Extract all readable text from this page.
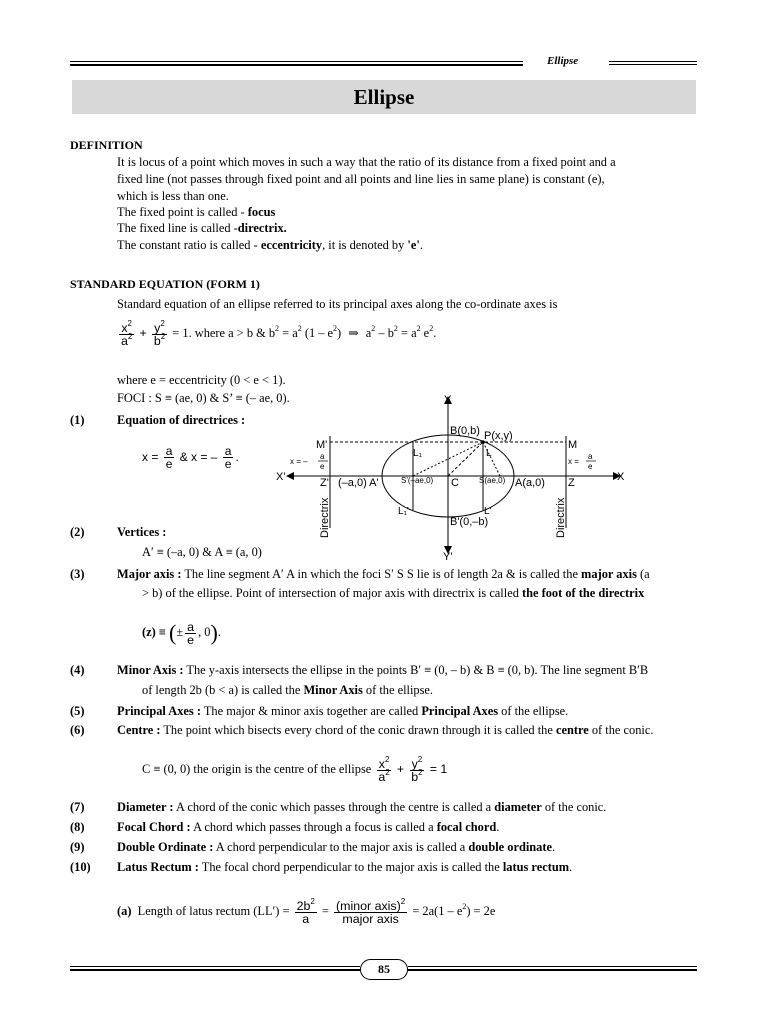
Ellipse
Ellipse
DEFINITION
It is locus of a point which moves in such a way that the ratio of its distance from a fixed point and a
fixed line (not passes through fixed point and all points and line lies in same plane) is constant (e),
which is less than one.
The fixed point is called - focus
The fixed line is called -directrix.
The constant ratio is called - eccentricity, it is denoted by 'e'.
STANDARD EQUATION (FORM 1)
Standard equation of an ellipse referred to its principal axes along the co-ordinate axes is
$\frac{x^2}{a^2} + \frac{y^2}{b^2} = 1$. where a > b & $b^2 = a^2$ $(1 - e^2)$ ⇒ $a^2 - b^2 = a^2$ $e^2$.
where e = eccentricity (0 < e < 1).
FOCI : S ≡ (ae, 0) & S’ ≡ (– ae, 0).
(1)	Equation of directrices :
$x = \frac{a}{e}$ & x = – $\frac{a}{e}$ .
Y
Y'
X'	X
B(0,b) P(x,y)
B'(0,–b)
M'	M
Z'	Z
(–a,0) A'	A(a,0)
C
S'(–ae,0)	S(ae,0)
L₁	L
L₁'	L'
x = –
a
e
x =
a
e
Directrix	Directrix
(2)	Vertices :
A′ ≡ (–a, 0) & A ≡ (a, 0)
(3)	Major axis : The line segment A′ A in which the foci S′ S S lie is of length 2a & is called the major axis (a
> b) of the ellipse. Point of intersection of major axis with directrix is called the foot of the directrix
(z) ≡ (± $\frac{a}{e}$ , 0).
(4)	Minor Axis : The y-axis intersects the ellipse in the points B′ ≡ (0, – b) & B ≡ (0, b). The line segment B′B
of length 2b (b < a) is called the Minor Axis of the ellipse.
(5)	Principal Axes : The major & minor axis together are called Principal Axes of the ellipse.
(6)	Centre : The point which bisects every chord of the conic drawn through it is called the centre of the conic.
C ≡ (0, 0) the origin is the centre of the ellipse $\frac{x^2}{a^2} + \frac{y^2}{b^2} = 1$
(7)	Diameter : A chord of the conic which passes through the centre is called a diameter of the conic.
(8)	Focal Chord : A chord which passes through a focus is called a focal chord.
(9)	Double Ordinate : A chord perpendicular to the major axis is called a double ordinate.
(10) Latus Rectum : The focal chord perpendicular to the major axis is called the latus rectum.
(a) Length of latus rectum $(LL') = \frac{2b^2}{a} = \frac{(minor axis)^2}{\text{major axis}} = 2a(1 - e^2) = 2e$
85
